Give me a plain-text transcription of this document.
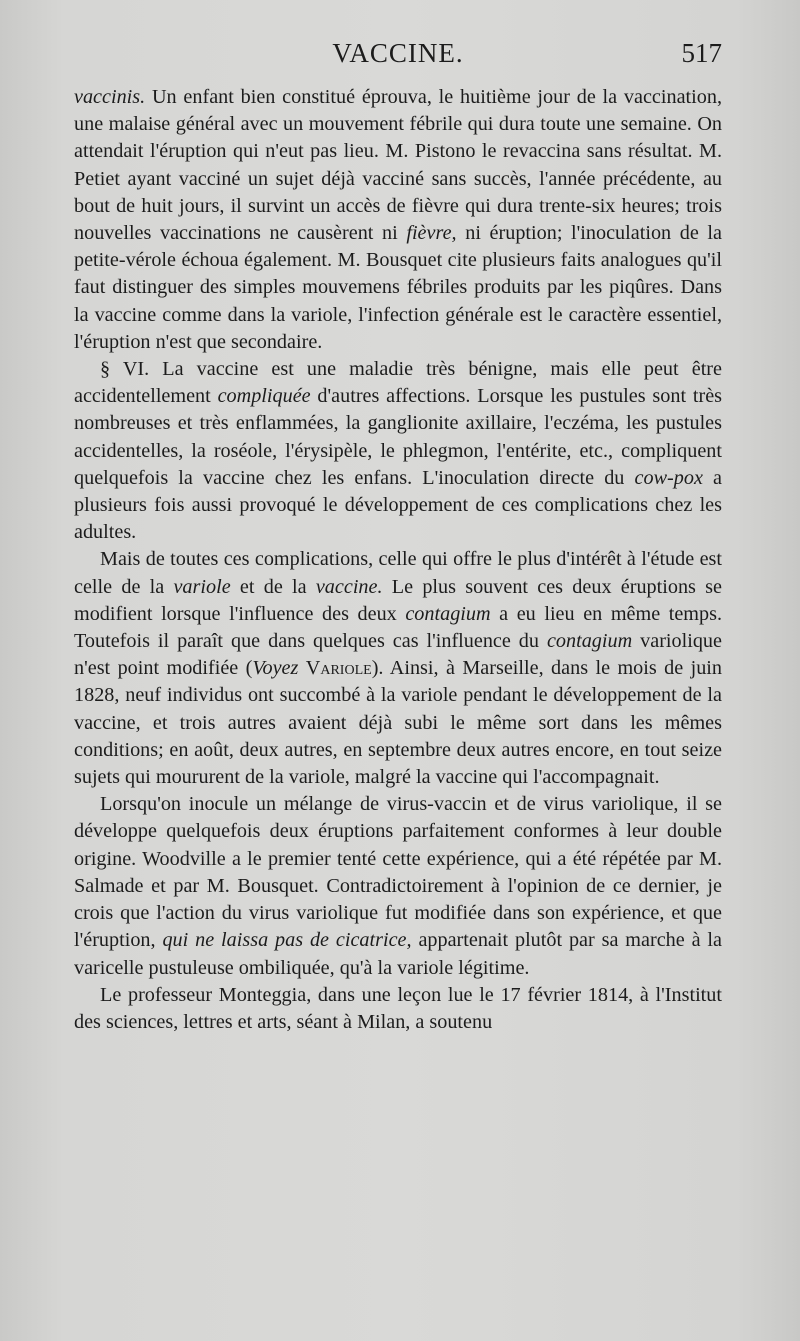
VACCINE.	517

vaccinis. Un enfant bien constitué éprouva, le huitième jour de la vaccination, une malaise général avec un mouvement fébrile qui dura toute une semaine. On attendait l'éruption qui n'eut pas lieu. M. Pistono le revaccina sans résultat. M. Petiet ayant vacciné un sujet déjà vacciné sans succès, l'année précédente, au bout de huit jours, il survint un accès de fièvre qui dura trente-six heures; trois nouvelles vaccinations ne causèrent ni fièvre, ni éruption; l'inoculation de la petite-vérole échoua également. M. Bousquet cite plusieurs faits analogues qu'il faut distinguer des simples mouvemens fébriles produits par les piqûres. Dans la vaccine comme dans la variole, l'infection générale est le caractère essentiel, l'éruption n'est que secondaire.

§ VI. La vaccine est une maladie très bénigne, mais elle peut être accidentellement compliquée d'autres affections. Lorsque les pustules sont très nombreuses et très enflammées, la ganglionite axillaire, l'eczéma, les pustules accidentelles, la roséole, l'érysipèle, le phlegmon, l'entérite, etc., compliquent quelquefois la vaccine chez les enfans. L'inoculation directe du cow-pox a plusieurs fois aussi provoqué le développement de ces complications chez les adultes.

Mais de toutes ces complications, celle qui offre le plus d'intérêt à l'étude est celle de la variole et de la vaccine. Le plus souvent ces deux éruptions se modifient lorsque l'influence des deux contagium a eu lieu en même temps. Toutefois il paraît que dans quelques cas l'influence du contagium variolique n'est point modifiée (Voyez Variole). Ainsi, à Marseille, dans le mois de juin 1828, neuf individus ont succombé à la variole pendant le développement de la vaccine, et trois autres avaient déjà subi le même sort dans les mêmes conditions; en août, deux autres, en septembre deux autres encore, en tout seize sujets qui moururent de la variole, malgré la vaccine qui l'accompagnait.

Lorsqu'on inocule un mélange de virus-vaccin et de virus variolique, il se développe quelquefois deux éruptions parfaitement conformes à leur double origine. Woodville a le premier tenté cette expérience, qui a été répétée par M. Salmade et par M. Bousquet. Contradictoirement à l'opinion de ce dernier, je crois que l'action du virus variolique fut modifiée dans son expérience, et que l'éruption, qui ne laissa pas de cicatrice, appartenait plutôt par sa marche à la varicelle pustuleuse ombiliquée, qu'à la variole légitime.

Le professeur Monteggia, dans une leçon lue le 17 février 1814, à l'Institut des sciences, lettres et arts, séant à Milan, a soutenu
